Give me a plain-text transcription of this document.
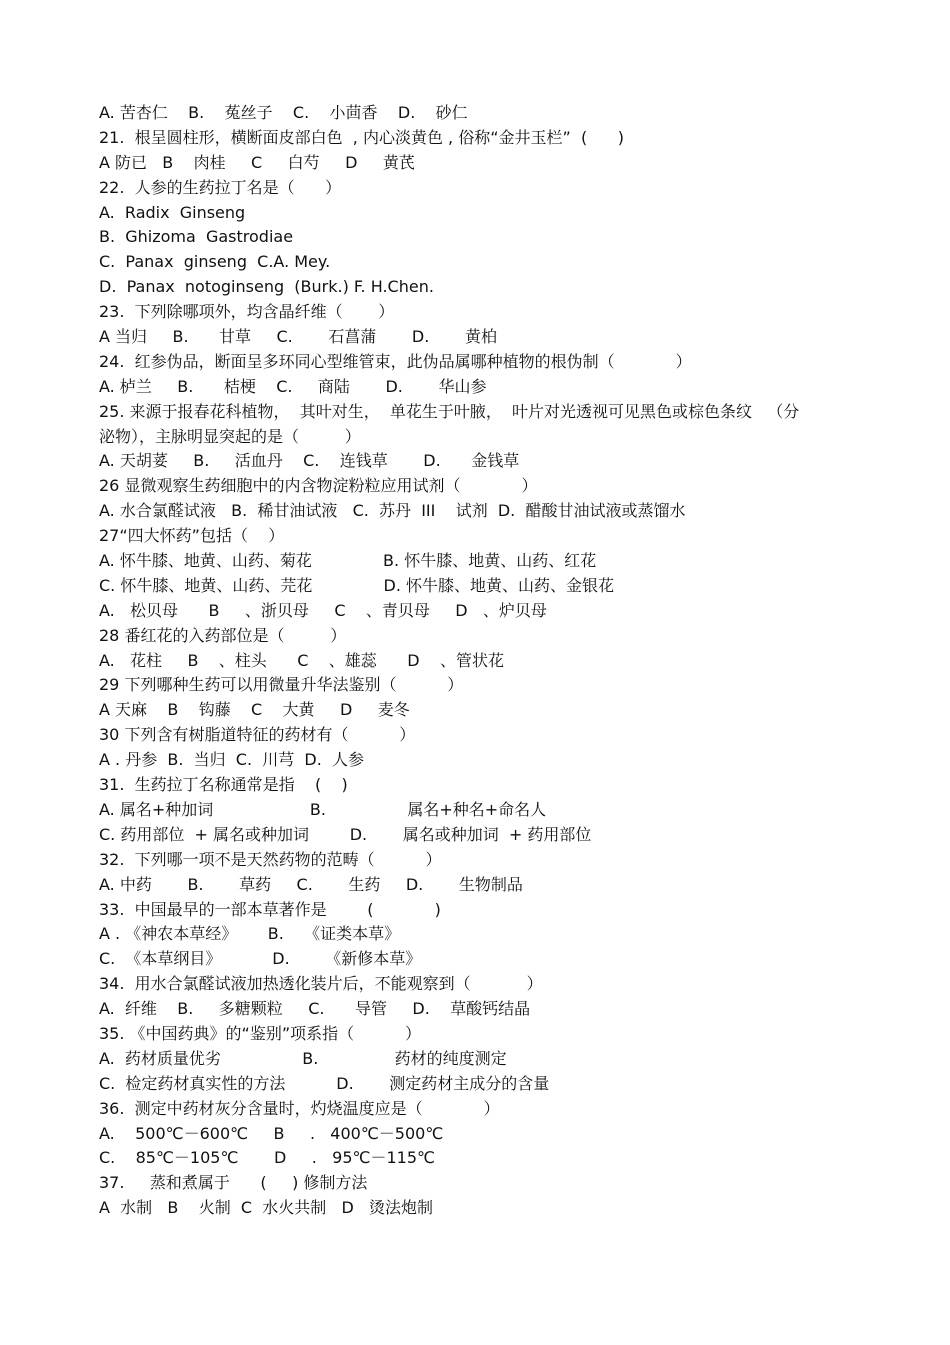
A. 苦杏仁    B.    菟丝子    C.    小茴香    D.    砂仁
21.  根呈圆柱形，横断面皮部白色  , 内心淡黄色 , 俗称“金井玉栏”  (      )
A 防已   B    肉桂     C     白芍     D     黄芪
22.  人参的生药拉丁名是（      ）
A.  Radix  Ginseng
B.  Ghizoma  Gastrodiae
C.  Panax  ginseng  C.A. Mey.
D.  Panax  notoginseng  (Burk.) F. H.Chen.
23.  下列除哪项外，均含晶纤维（       ）
A 当归     B.      甘草     C.       石菖蒲       D.       黄柏
24.  红参伪品，断面呈多环同心型维管束，此伪品属哪种植物的根伪制（            ）
A. 栌兰     B.      桔梗    C.     商陆       D.       华山参
25. 来源于报春花科植物，  其叶对生，  单花生于叶腋，  叶片对光透视可见黑色或棕色条纹   （分
泌物），主脉明显突起的是（         ）
A. 天胡荽     B.     活血丹    C.    连钱草       D.      金钱草
26 显微观察生药细胞中的内含物淀粉粒应用试剂（            ）
A. 水合氯醛试液   B.  稀甘油试液   C.  苏丹  III    试剂  D.  醋酸甘油试液或蒸馏水
27“四大怀药”包括（    ）
A. 怀牛膝、地黄、山药、菊花              B. 怀牛膝、地黄、山药、红花
C. 怀牛膝、地黄、山药、芫花              D. 怀牛膝、地黄、山药、金银花
A.   松贝母      B     、浙贝母     C    、青贝母     D   、炉贝母
28 番红花的入药部位是（         ）
A.   花柱     B    、柱头      C    、雄蕊      D    、管状花
29 下列哪种生药可以用微量升华法鉴别（          ）
A 天麻    B    钩藤    C    大黄     D     麦冬
30 下列含有树脂道特征的药材有（          ）
A . 丹参  B.  当归  C.  川芎  D.  人参
31.  生药拉丁名称通常是指    (    )
A. 属名+种加词                   B.                属名+种名+命名人
C. 药用部位  + 属名或种加词        D.       属名或种加词  + 药用部位
32.  下列哪一项不是天然药物的范畴（          ）
A. 中药       B.       草药     C.       生药     D.       生物制品
33.  中国最早的一部本草著作是        (            )
A . 《神农本草经》      B.    《证类本草》
C.  《本草纲目》          D.       《新修本草》
34.  用水合氯醛试液加热透化装片后，不能观察到（           ）
A.  纤维    B.     多糖颗粒     C.      导管     D.    草酸钙结晶
35. 《中国药典》的“鉴别”项系指（          ）
A.  药材质量优劣                B.               药材的纯度测定
C.  检定药材真实性的方法          D.       测定药材主成分的含量
36.  测定中药材灰分含量时，灼烧温度应是（            ）
A.    500℃－600℃     B     .   400℃－500℃
C.    85℃－105℃       D     .   95℃－115℃
37.     蒸和煮属于      (     ) 修制方法
A  水制   B    火制  C  水火共制   D   烫法炮制
